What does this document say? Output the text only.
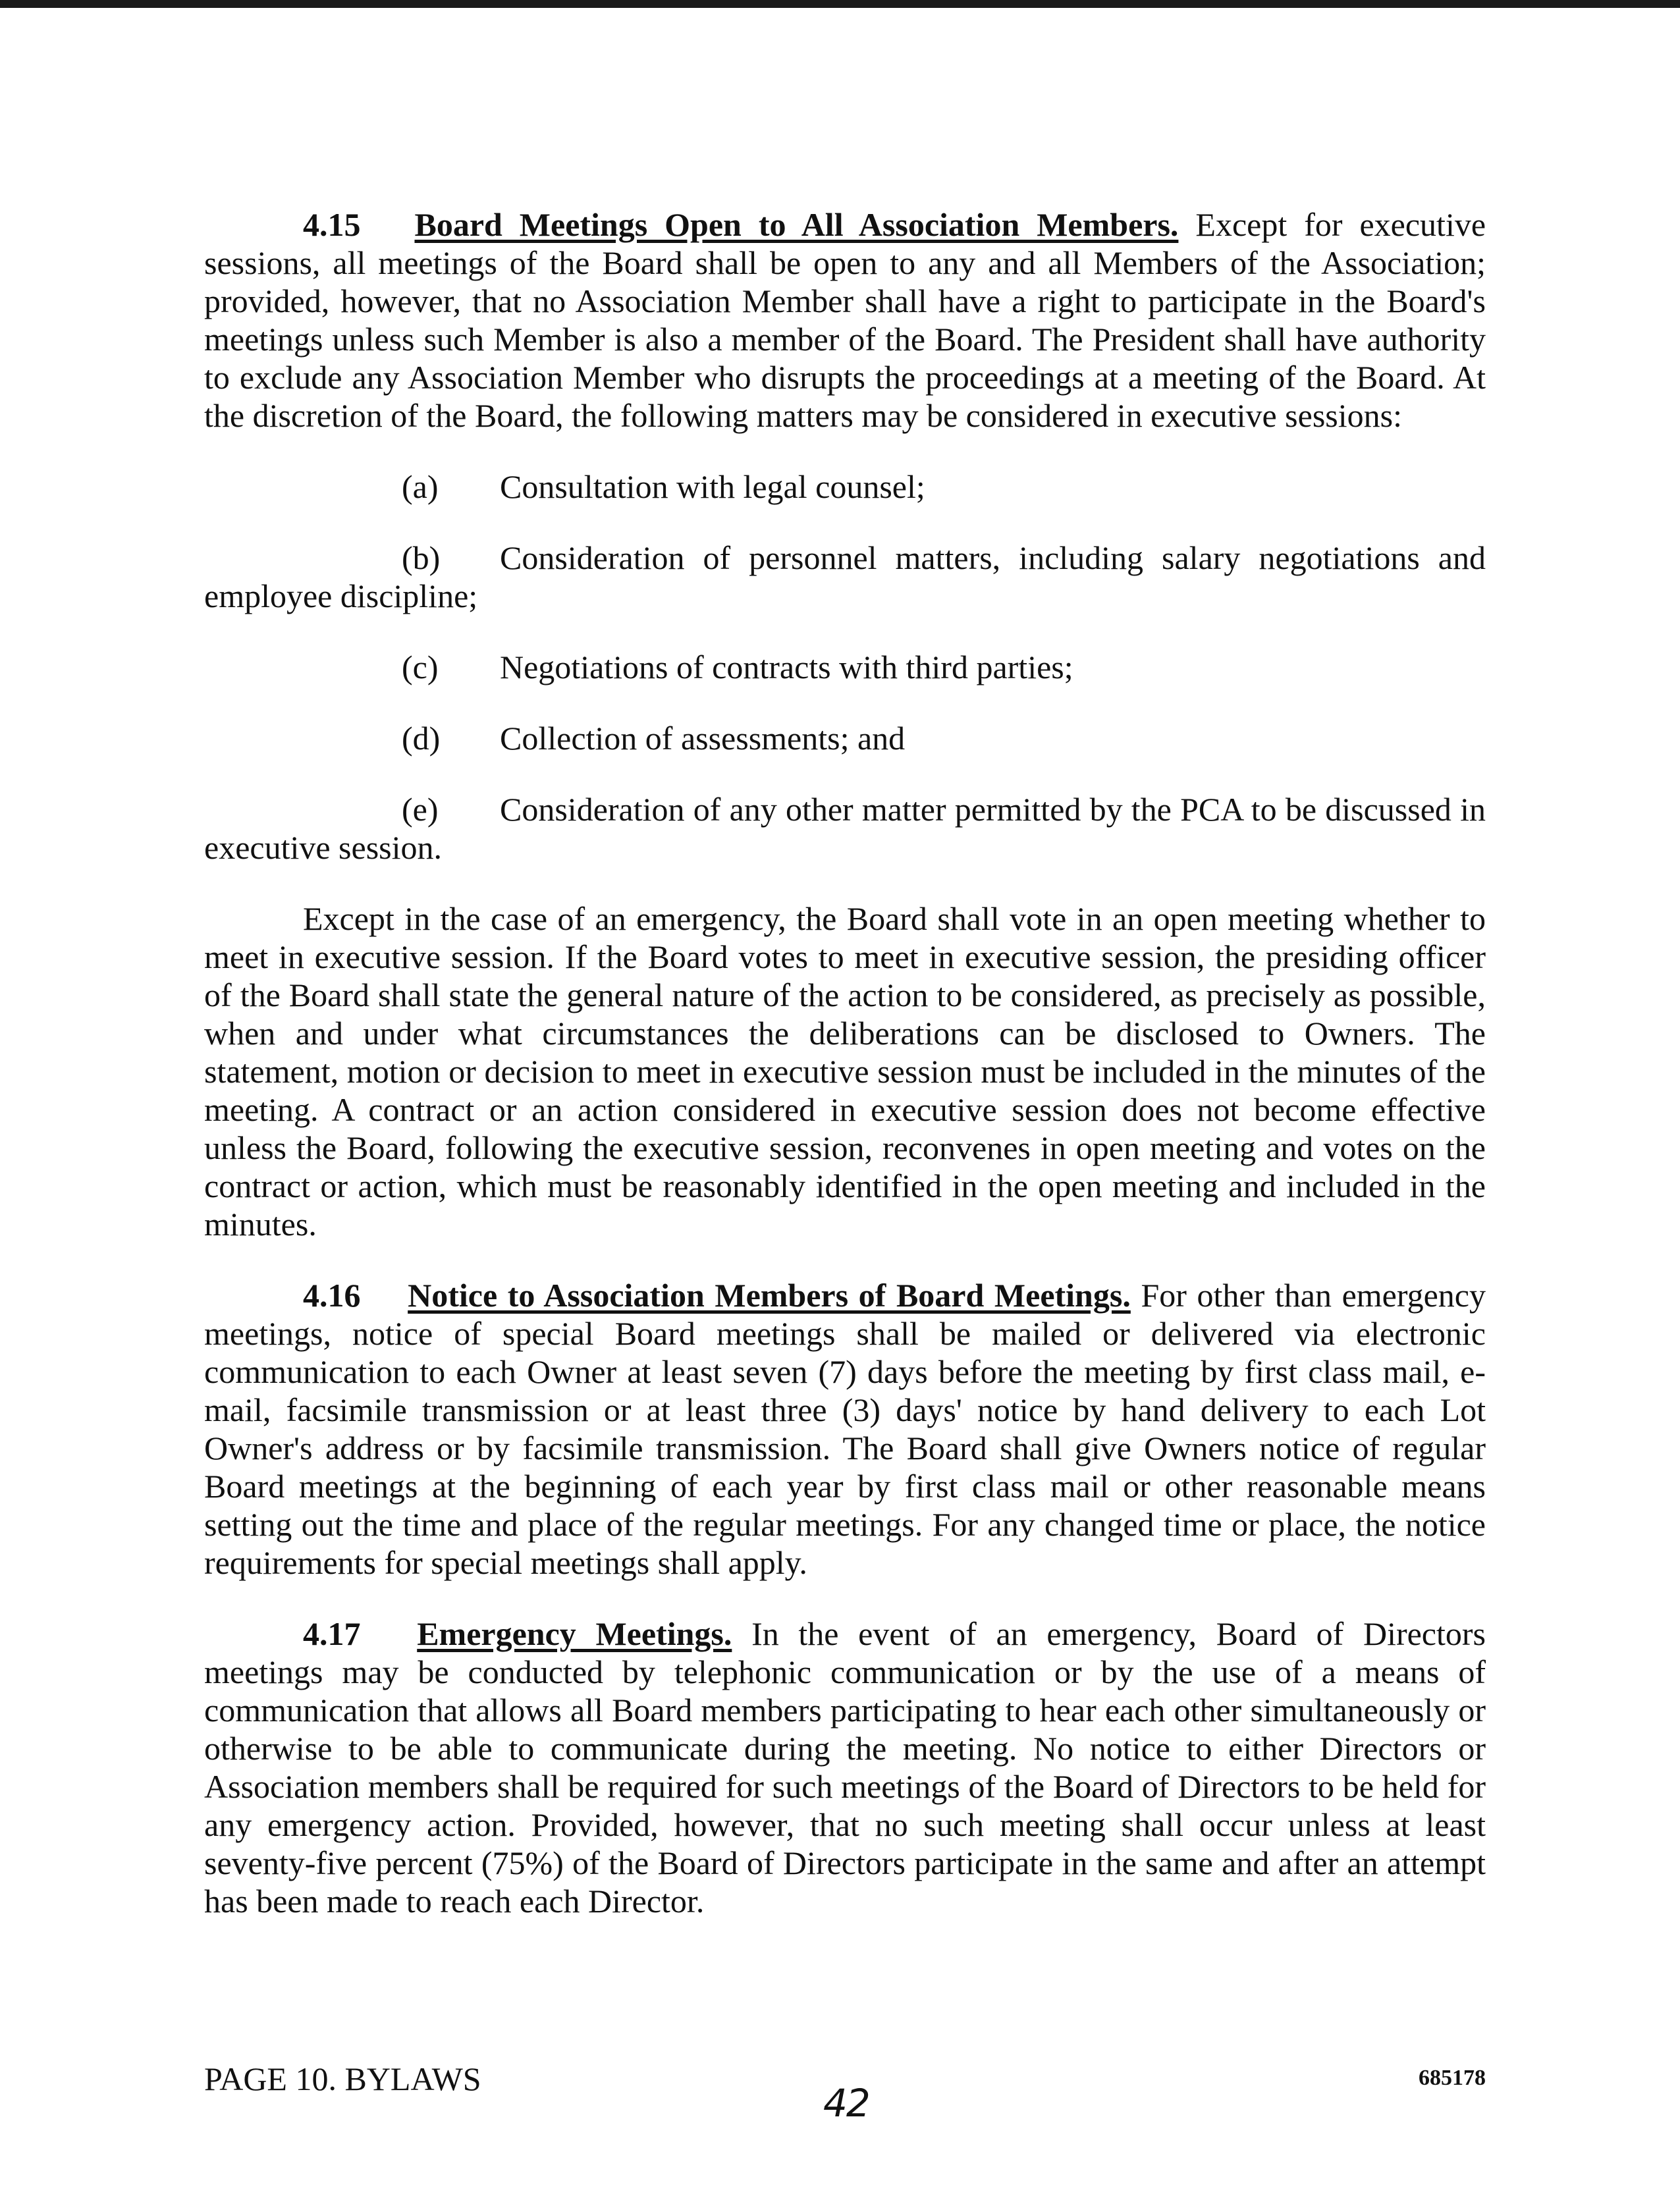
4.15 Board Meetings Open to All Association Members. Except for executive sessions, all meetings of the Board shall be open to any and all Members of the Association; provided, however, that no Association Member shall have a right to participate in the Board's meetings unless such Member is also a member of the Board. The President shall have authority to exclude any Association Member who disrupts the proceedings at a meeting of the Board. At the discretion of the Board, the following matters may be considered in executive sessions:

(a) Consultation with legal counsel;

(b) Consideration of personnel matters, including salary negotiations and employee discipline;

(c) Negotiations of contracts with third parties;

(d) Collection of assessments; and

(e) Consideration of any other matter permitted by the PCA to be discussed in executive session.

Except in the case of an emergency, the Board shall vote in an open meeting whether to meet in executive session. If the Board votes to meet in executive session, the presiding officer of the Board shall state the general nature of the action to be considered, as precisely as possible, when and under what circumstances the deliberations can be disclosed to Owners. The statement, motion or decision to meet in executive session must be included in the minutes of the meeting. A contract or an action considered in executive session does not become effective unless the Board, following the executive session, reconvenes in open meeting and votes on the contract or action, which must be reasonably identified in the open meeting and included in the minutes.

4.16 Notice to Association Members of Board Meetings. For other than emergency meetings, notice of special Board meetings shall be mailed or delivered via electronic communication to each Owner at least seven (7) days before the meeting by first class mail, e-mail, facsimile transmission or at least three (3) days' notice by hand delivery to each Lot Owner's address or by facsimile transmission. The Board shall give Owners notice of regular Board meetings at the beginning of each year by first class mail or other reasonable means setting out the time and place of the regular meetings. For any changed time or place, the notice requirements for special meetings shall apply.

4.17 Emergency Meetings. In the event of an emergency, Board of Directors meetings may be conducted by telephonic communication or by the use of a means of communication that allows all Board members participating to hear each other simultaneously or otherwise to be able to communicate during the meeting. No notice to either Directors or Association members shall be required for such meetings of the Board of Directors to be held for any emergency action. Provided, however, that no such meeting shall occur unless at least seventy-five percent (75%) of the Board of Directors participate in the same and after an attempt has been made to reach each Director.

PAGE 10. BYLAWS	685178
42
